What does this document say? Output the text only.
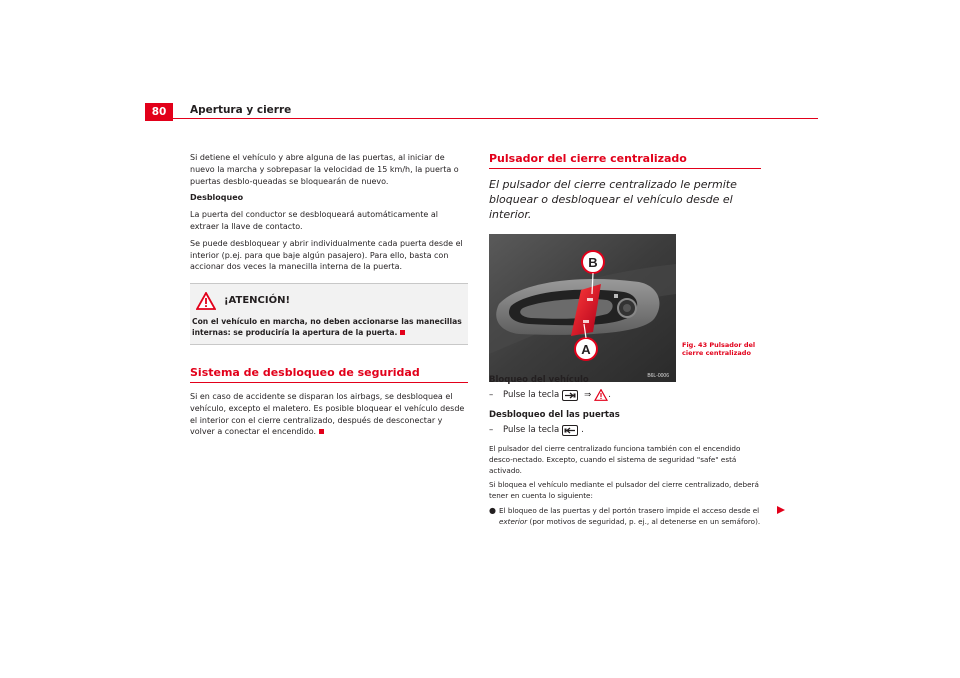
80	Apertura y cierre

Si detiene el vehículo y abre alguna de las puertas, al iniciar de nuevo la marcha y sobrepasar la velocidad de 15 km/h, la puerta o puertas desblo-queadas se bloquearán de nuevo.

Desbloqueo

La puerta del conductor se desbloqueará automáticamente al extraer la llave de contacto.

Se puede desbloquear y abrir individualmente cada puerta desde el interior (p.ej. para que baje algún pasajero). Para ello, basta con accionar dos veces la manecilla interna de la puerta.

¡ATENCIÓN!
Con el vehículo en marcha, no deben accionarse las manecillas internas: se produciría la apertura de la puerta.
Sistema de desbloqueo de seguridad

Si en caso de accidente se disparan los airbags, se desbloquea el vehículo, excepto el maletero. Es posible bloquear el vehículo desde el interior con el cierre centralizado, después de desconectar y volver a conectar el encendido.

Pulsador del cierre centralizado
El pulsador del cierre centralizado le permite bloquear o desbloquear el vehículo desde el interior.
B
A
B6L-0006
Fig. 43 Pulsador del cierre centralizado

Bloqueo del vehículo

–	Pulse la tecla	⇒ .

Desbloqueo del las puertas

–	Pulse la tecla	.

El pulsador del cierre centralizado funciona también con el encendido desco-nectado. Excepto, cuando el sistema de seguridad "safe" está activado.

Si bloquea el vehículo mediante el pulsador del cierre centralizado, deberá tener en cuenta lo siguiente:

● El bloqueo de las puertas y del portón trasero impide el acceso desde el exterior (por motivos de seguridad, p. ej., al detenerse en un semáforo).
